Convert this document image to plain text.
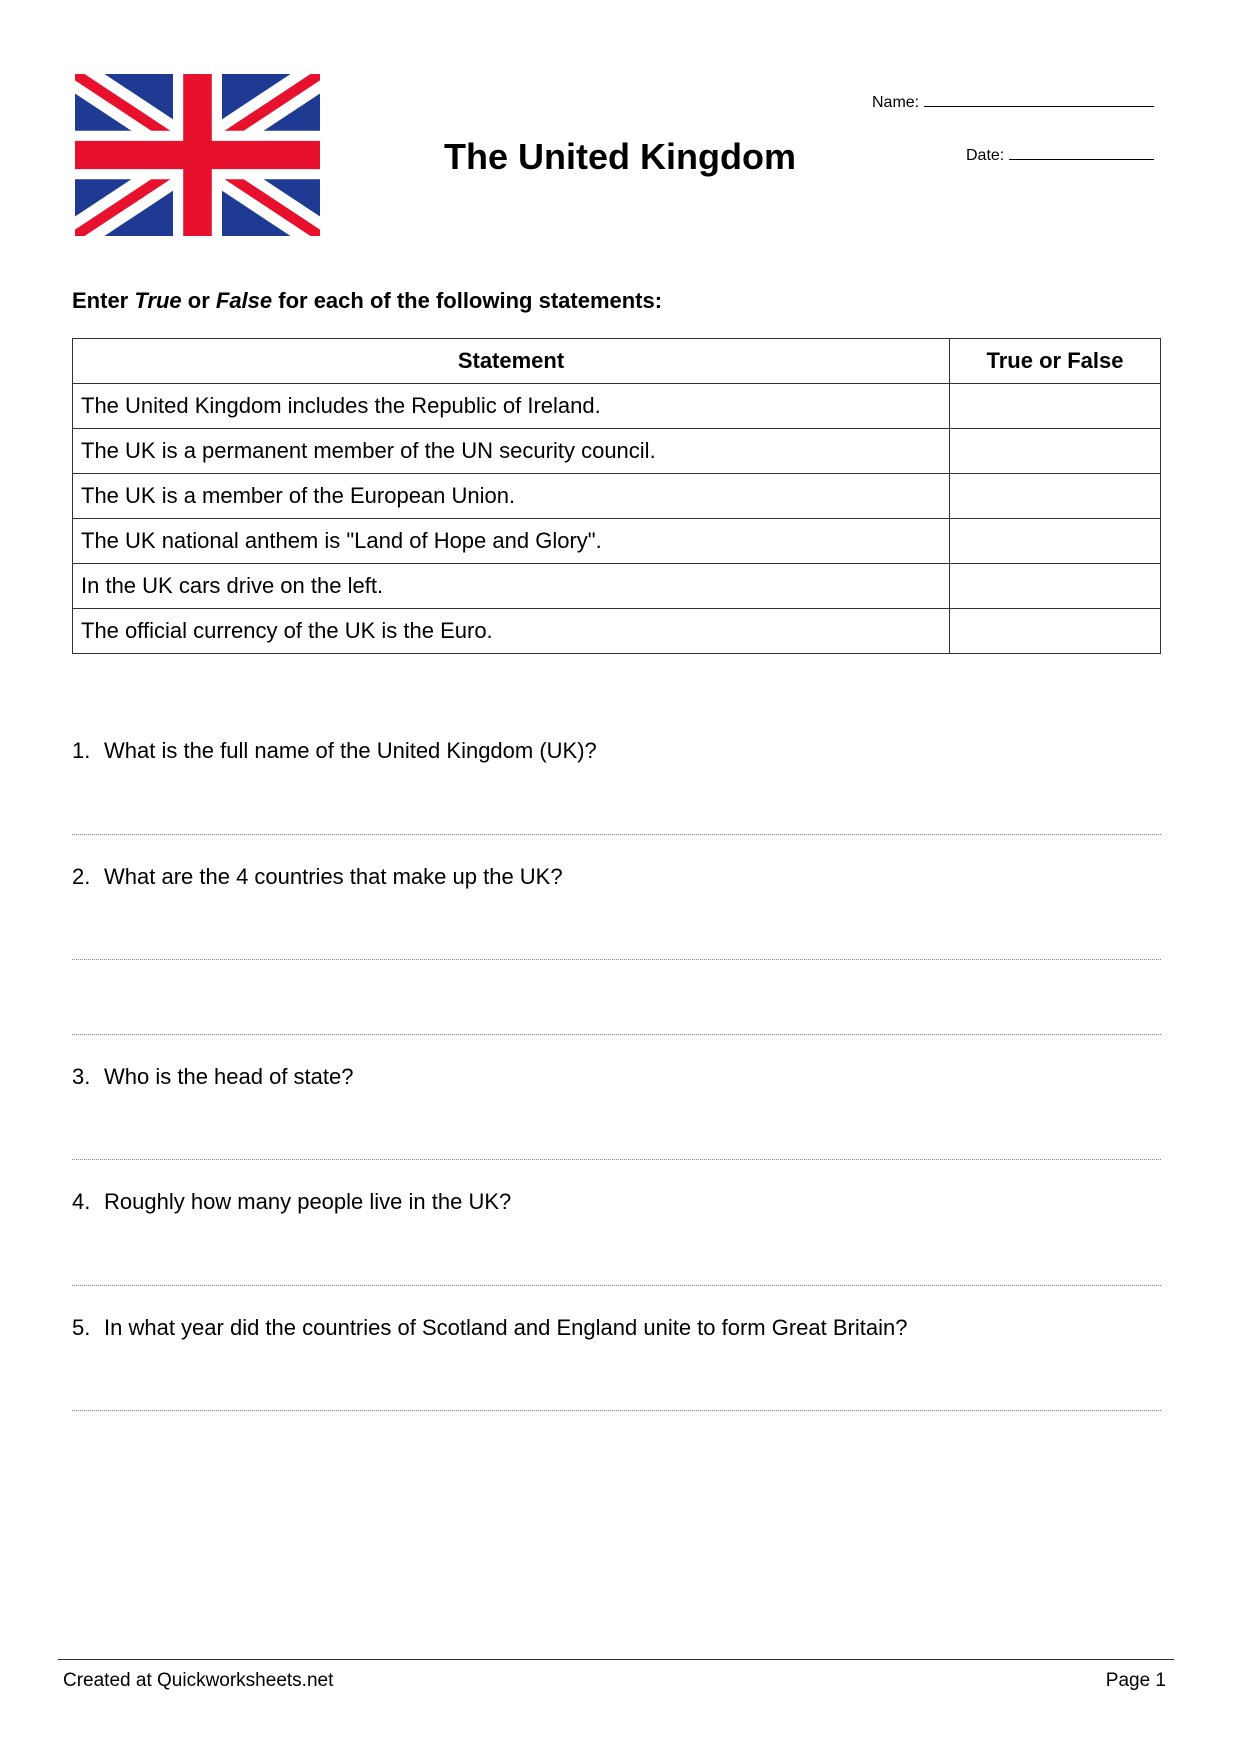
The United Kingdom
Name:
Date:
Enter True or False for each of the following statements:
Statement	True or False
The United Kingdom includes the Republic of Ireland.	
The UK is a permanent member of the UN security council.	
The UK is a member of the European Union.	
The UK national anthem is "Land of Hope and Glory".	
In the UK cars drive on the left.	
The official currency of the UK is the Euro.	
1. What is the full name of the United Kingdom (UK)?
2. What are the 4 countries that make up the UK?
3. Who is the head of state?
4. Roughly how many people live in the UK?
5. In what year did the countries of Scotland and England unite to form Great Britain?
Created at Quickworksheets.net	Page 1
